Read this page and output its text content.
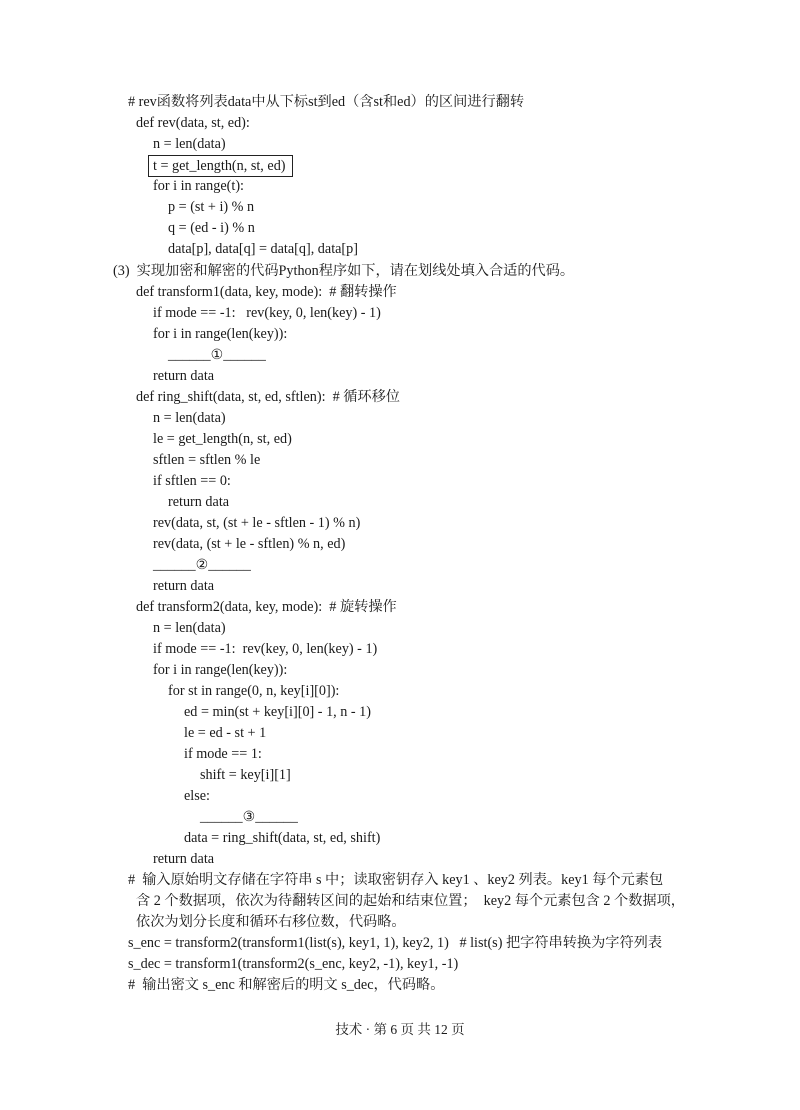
# rev函数将列表data中从下标st到ed（含st和ed）的区间进行翻转
def rev(data, st, ed):
n = len(data)
t = get_length(n, st, ed)
for i in range(t):
p = (st + i) % n
q = (ed - i) % n
data[p], data[q] = data[q], data[p]
(3)  实现加密和解密的代码Python程序如下，请在划线处填入合适的代码。
def transform1(data, key, mode):  # 翻转操作
if mode == -1:   rev(key, 0, len(key) - 1)
for i in range(len(key)):
______①______
return data
def ring_shift(data, st, ed, sftlen):  # 循环移位
n = len(data)
le = get_length(n, st, ed)
sftlen = sftlen % le
if sftlen == 0:
return data
rev(data, st, (st + le - sftlen - 1) % n)
rev(data, (st + le - sftlen) % n, ed)
______②______
return data
def transform2(data, key, mode):  # 旋转操作
n = len(data)
if mode == -1:  rev(key, 0, len(key) - 1)
for i in range(len(key)):
for st in range(0, n, key[i][0]):
ed = min(st + key[i][0] - 1, n - 1)
le = ed - st + 1
if mode == 1:
shift = key[i][1]
else:
______③______
data = ring_shift(data, st, ed, shift)
return data
#  输入原始明文存储在字符串 s 中；读取密钥存入 key1 、key2 列表。key1 每个元素包
含 2 个数据项，依次为待翻转区间的起始和结束位置；  key2 每个元素包含 2 个数据项，
依次为划分长度和循环右移位数，代码略。
s_enc = transform2(transform1(list(s), key1, 1), key2, 1)   # list(s) 把字符串转换为字符列表
s_dec = transform1(transform2(s_enc, key2, -1), key1, -1)
#  输出密文 s_enc 和解密后的明文 s_dec，代码略。
技术 · 第 6 页 共 12 页
